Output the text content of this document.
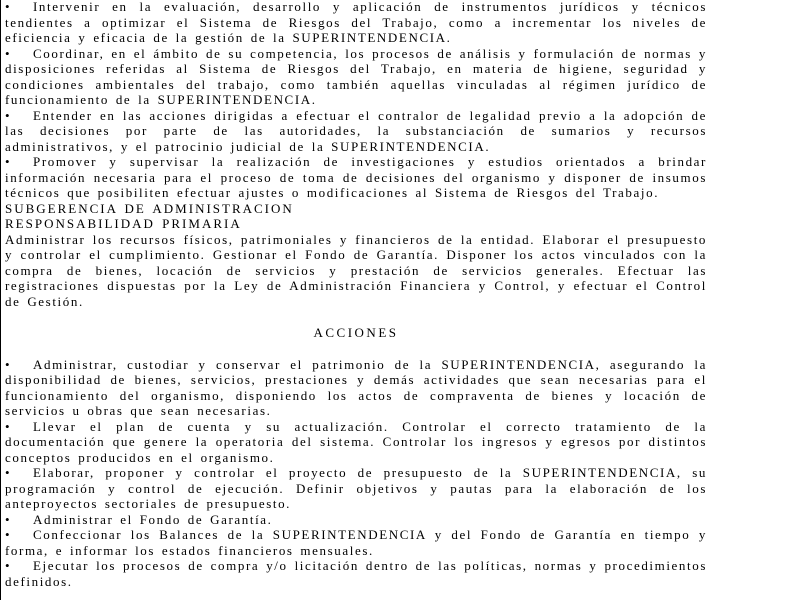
• Intervenir en la evaluación, desarrollo y aplicación de instrumentos jurídicos y técnicos tendientes a optimizar el Sistema de Riesgos del Trabajo, como a incrementar los niveles de eficiencia y eficacia de la gestión de la SUPERINTENDENCIA.

• Coordinar, en el ámbito de su competencia, los procesos de análisis y formulación de normas y disposiciones referidas al Sistema de Riesgos del Trabajo, en materia de higiene, seguridad y condiciones ambientales del trabajo, como también aquellas vinculadas al régimen jurídico de funcionamiento de la SUPERINTENDENCIA.

• Entender en las acciones dirigidas a efectuar el contralor de legalidad previo a la adopción de las decisiones por parte de las autoridades, la substanciación de sumarios y recursos administrativos, y el patrocinio judicial de la SUPERINTENDENCIA.

• Promover y supervisar la realización de investigaciones y estudios orientados a brindar información necesaria para el proceso de toma de decisiones del organismo y disponer de insumos técnicos que posibiliten efectuar ajustes o modificaciones al Sistema de Riesgos del Trabajo.

SUBGERENCIA DE ADMINISTRACION

RESPONSABILIDAD PRIMARIA

Administrar los recursos físicos, patrimoniales y financieros de la entidad. Elaborar el presupuesto y controlar el cumplimiento. Gestionar el Fondo de Garantía. Disponer los actos vinculados con la compra de bienes, locación de servicios y prestación de servicios generales. Efectuar las registraciones dispuestas por la Ley de Administración Financiera y Control, y efectuar el Control de Gestión.

ACCIONES

• Administrar, custodiar y conservar el patrimonio de la SUPERINTENDENCIA, asegurando la disponibilidad de bienes, servicios, prestaciones y demás actividades que sean necesarias para el funcionamiento del organismo, disponiendo los actos de compraventa de bienes y locación de servicios u obras que sean necesarias.

• Llevar el plan de cuenta y su actualización. Controlar el correcto tratamiento de la documentación que genere la operatoria del sistema. Controlar los ingresos y egresos por distintos conceptos producidos en el organismo.

• Elaborar, proponer y controlar el proyecto de presupuesto de la SUPERINTENDENCIA, su programación y control de ejecución. Definir objetivos y pautas para la elaboración de los anteproyectos sectoriales de presupuesto.

• Administrar el Fondo de Garantía.

• Confeccionar los Balances de la SUPERINTENDENCIA y del Fondo de Garantía en tiempo y forma, e informar los estados financieros mensuales.

• Ejecutar los procesos de compra y/o licitación dentro de las políticas, normas y procedimientos definidos.
